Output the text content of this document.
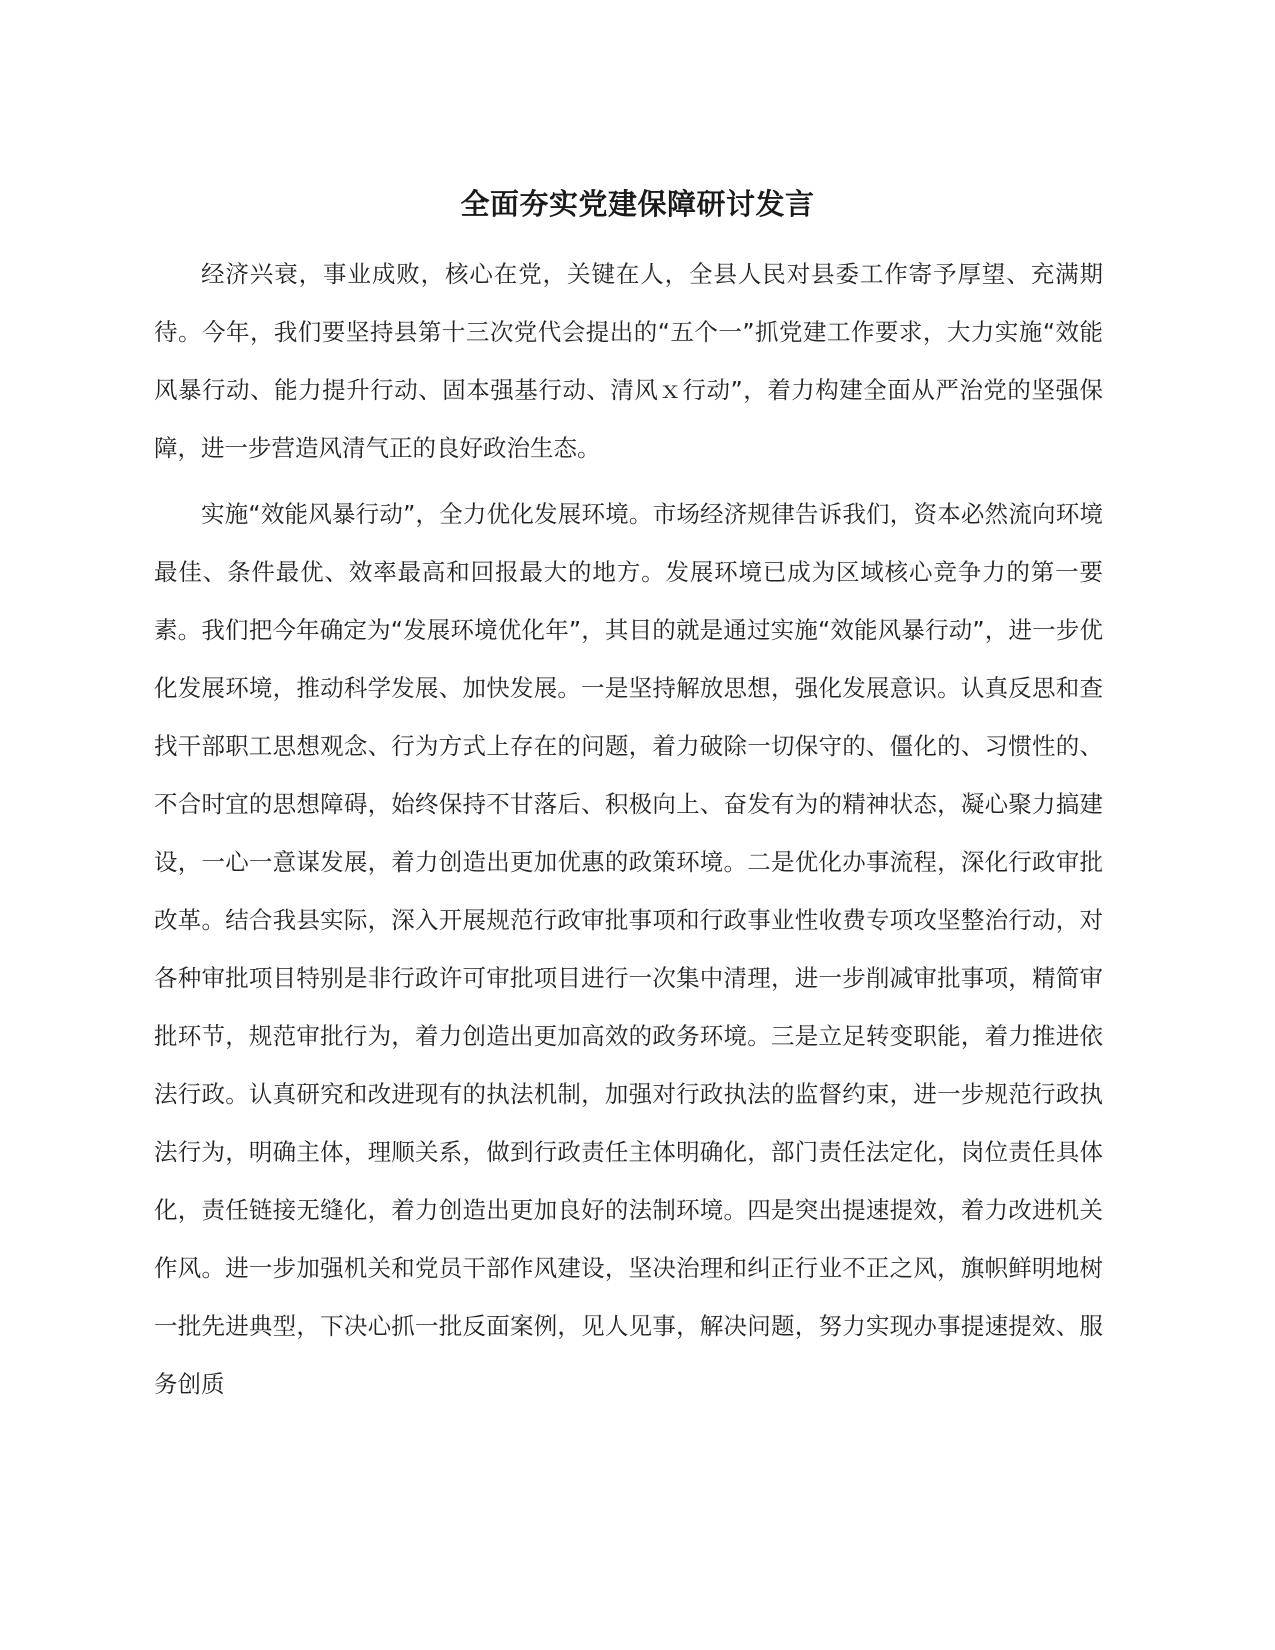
全面夯实党建保障研讨发言

经济兴衰，事业成败，核心在党，关键在人，全县人民对县委工作寄予厚望、充满期待。今年，我们要坚持县第十三次党代会提出的“五个一”抓党建工作要求，大力实施“效能风暴行动、能力提升行动、固本强基行动、清风ｘ行动”，着力构建全面从严治党的坚强保障，进一步营造风清气正的良好政治生态。

实施“效能风暴行动”，全力优化发展环境。市场经济规律告诉我们，资本必然流向环境最佳、条件最优、效率最高和回报最大的地方。发展环境已成为区域核心竞争力的第一要素。我们把今年确定为“发展环境优化年”，其目的就是通过实施“效能风暴行动”，进一步优化发展环境，推动科学发展、加快发展。一是坚持解放思想，强化发展意识。认真反思和查找干部职工思想观念、行为方式上存在的问题，着力破除一切保守的、僵化的、习惯性的、不合时宜的思想障碍，始终保持不甘落后、积极向上、奋发有为的精神状态，凝心聚力搞建设，一心一意谋发展，着力创造出更加优惠的政策环境。二是优化办事流程，深化行政审批改革。结合我县实际，深入开展规范行政审批事项和行政事业性收费专项攻坚整治行动，对各种审批项目特别是非行政许可审批项目进行一次集中清理，进一步削减审批事项，精简审批环节，规范审批行为，着力创造出更加高效的政务环境。三是立足转变职能，着力推进依法行政。认真研究和改进现有的执法机制，加强对行政执法的监督约束，进一步规范行政执法行为，明确主体，理顺关系，做到行政责任主体明确化，部门责任法定化，岗位责任具体化，责任链接无缝化，着力创造出更加良好的法制环境。四是突出提速提效，着力改进机关作风。进一步加强机关和党员干部作风建设，坚决治理和纠正行业不正之风，旗帜鲜明地树一批先进典型，下决心抓一批反面案例，见人见事，解决问题，努力实现办事提速提效、服务创质
